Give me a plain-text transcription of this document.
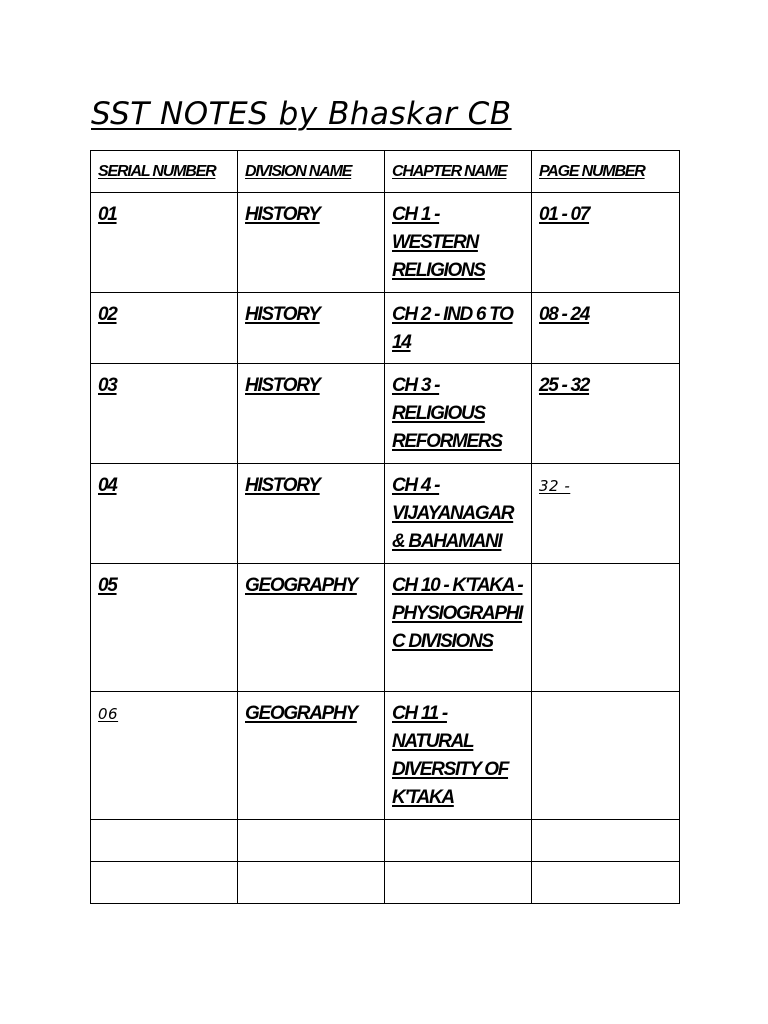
SST NOTES by Bhaskar CB
SERIAL NUMBER	DIVISION NAME	CHAPTER NAME	PAGE NUMBER
01	HISTORY	CH 1 - WESTERN RELIGIONS	01 - 07
02	HISTORY	CH 2 - IND 6 TO 14	08 - 24
03	HISTORY	CH 3 - RELIGIOUS REFORMERS	25 - 32
04	HISTORY	CH 4 - VIJAYANAGAR & BAHAMANI	32 -
05	GEOGRAPHY	CH 10 - K'TAKA - PHYSIOGRAPHIC DIVISIONS	
06	GEOGRAPHY	CH 11 - NATURAL DIVERSITY OF K'TAKA	
